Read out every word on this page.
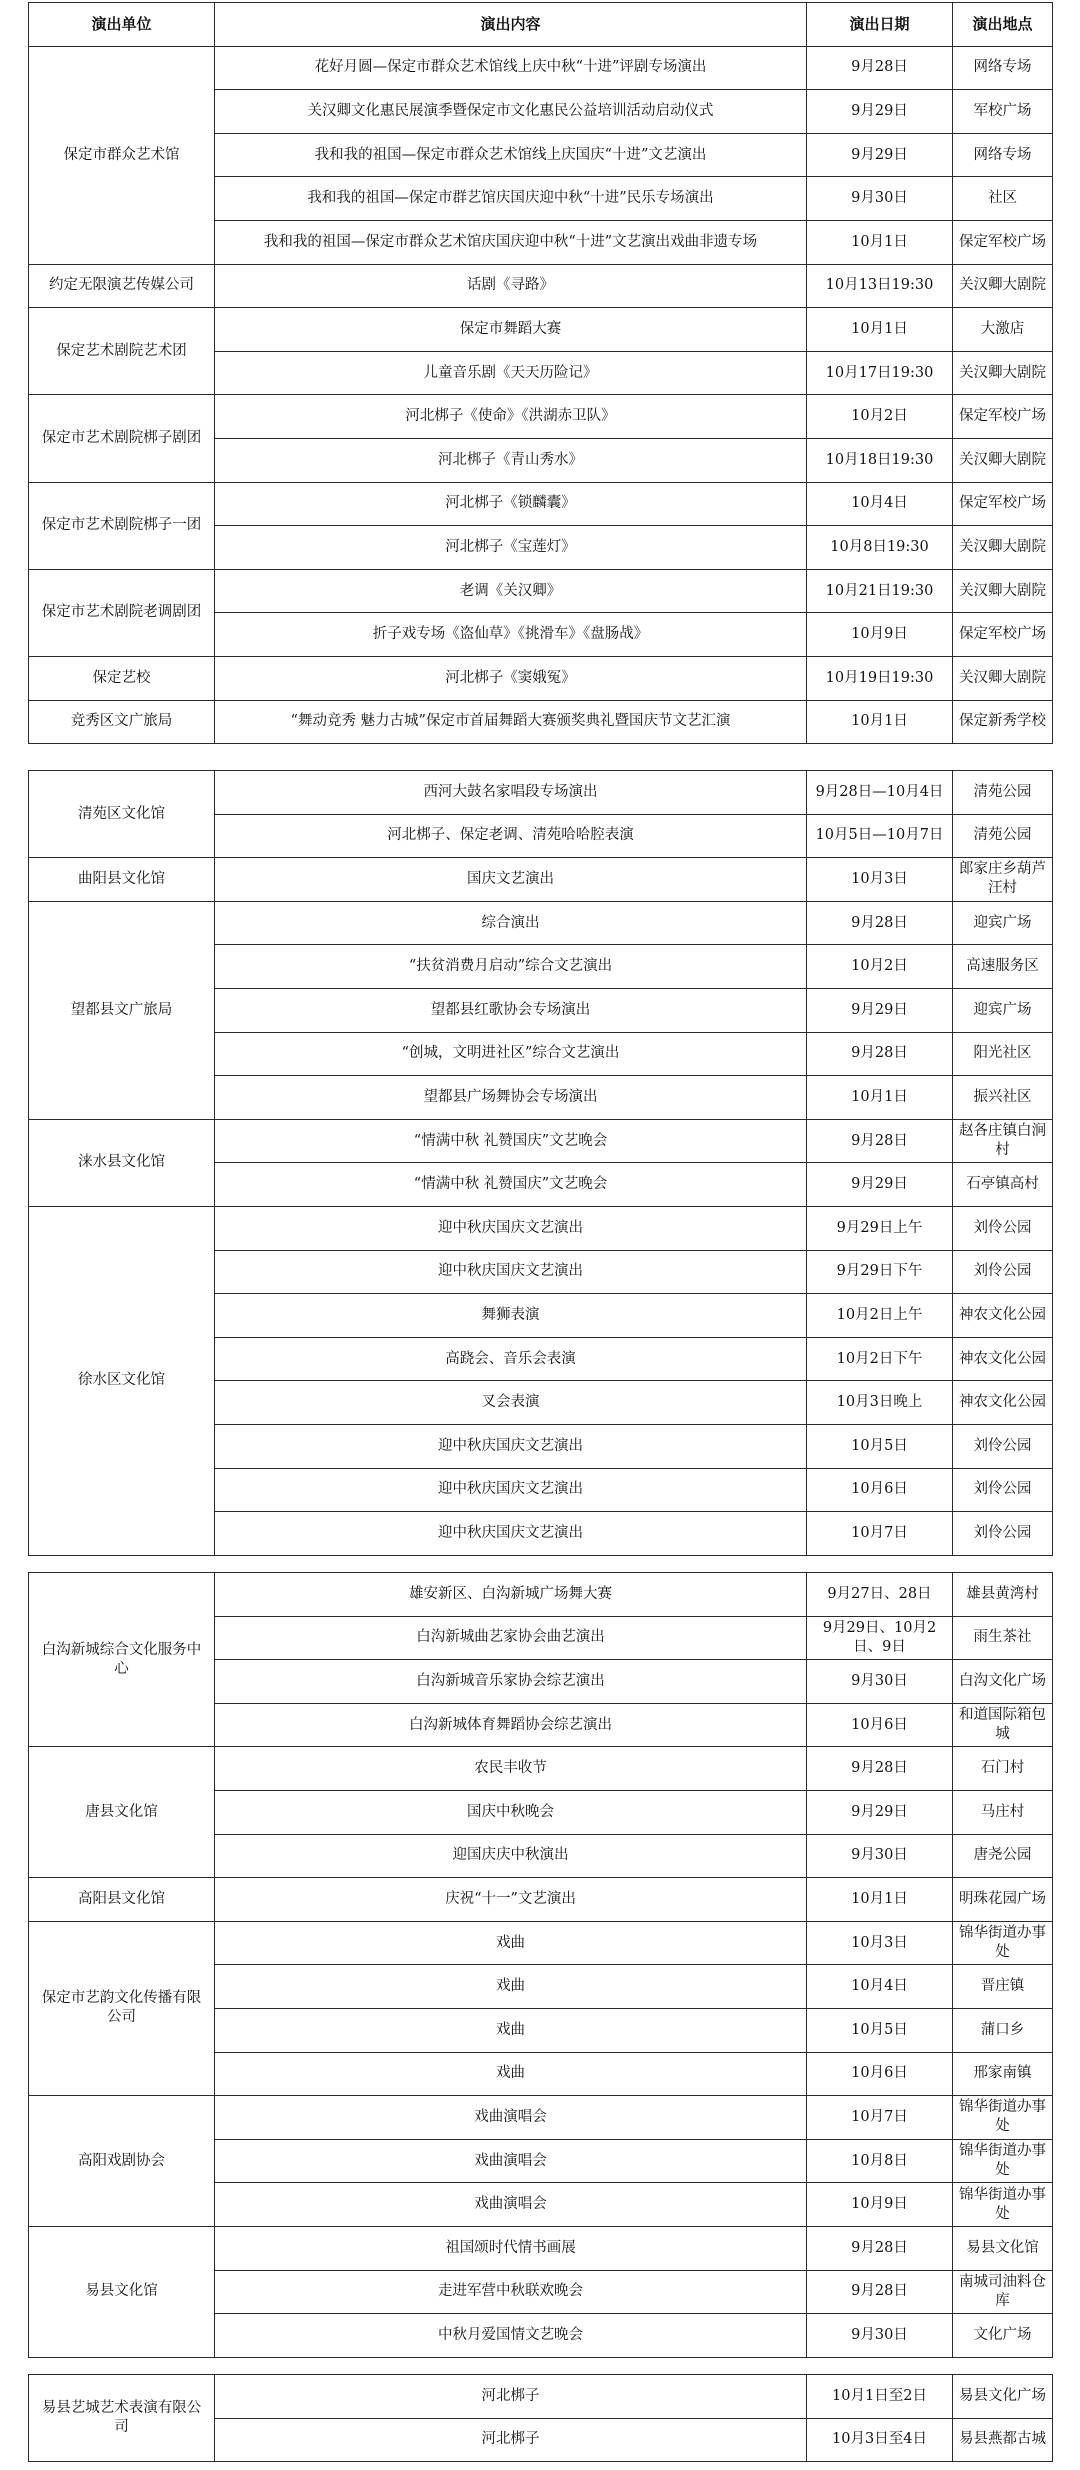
演出单位	演出内容	演出日期	演出地点
保定市群众艺术馆	花好月圆—保定市群众艺术馆线上庆中秋“十进”评剧专场演出	9月28日	网络专场
	关汉卿文化惠民展演季暨保定市文化惠民公益培训活动启动仪式	9月29日	军校广场
	我和我的祖国—保定市群众艺术馆线上庆国庆“十进”文艺演出	9月29日	网络专场
	我和我的祖国—保定市群艺馆庆国庆迎中秋“十进”民乐专场演出	9月30日	社区
	我和我的祖国—保定市群众艺术馆庆国庆迎中秋“十进”文艺演出戏曲非遗专场	10月1日	保定军校广场
约定无限演艺传媒公司	话剧《寻路》	10月13日19:30	关汉卿大剧院
保定艺术剧院艺术团	保定市舞蹈大赛	10月1日	大激店
	儿童音乐剧《天天历险记》	10月17日19:30	关汉卿大剧院
保定市艺术剧院梆子剧团	河北梆子《使命》《洪湖赤卫队》	10月2日	保定军校广场
	河北梆子《青山秀水》	10月18日19:30	关汉卿大剧院
保定市艺术剧院梆子一团	河北梆子《锁麟囊》	10月4日	保定军校广场
	河北梆子《宝莲灯》	10月8日19:30	关汉卿大剧院
保定市艺术剧院老调剧团	老调《关汉卿》	10月21日19:30	关汉卿大剧院
	折子戏专场《盗仙草》《挑滑车》《盘肠战》	10月9日	保定军校广场
保定艺校	河北梆子《窦娥冤》	10月19日19:30	关汉卿大剧院
竞秀区文广旅局	“舞动竞秀 魅力古城”保定市首届舞蹈大赛颁奖典礼暨国庆节文艺汇演	10月1日	保定新秀学校
清苑区文化馆	西河大鼓名家唱段专场演出	9月28日—10月4日	清苑公园
	河北梆子、保定老调、清苑哈哈腔表演	10月5日—10月7日	清苑公园
曲阳县文化馆	国庆文艺演出	10月3日	郎家庄乡葫芦汪村
望都县文广旅局	综合演出	9月28日	迎宾广场
	“扶贫消费月启动”综合文艺演出	10月2日	高速服务区
	望都县红歌协会专场演出	9月29日	迎宾广场
	“创城，文明进社区”综合文艺演出	9月28日	阳光社区
	望都县广场舞协会专场演出	10月1日	振兴社区
涞水县文化馆	“情满中秋 礼赞国庆”文艺晚会	9月28日	赵各庄镇白涧村
	“情满中秋 礼赞国庆”文艺晚会	9月29日	石亭镇高村
徐水区文化馆	迎中秋庆国庆文艺演出	9月29日上午	刘伶公园
	迎中秋庆国庆文艺演出	9月29日下午	刘伶公园
	舞狮表演	10月2日上午	神农文化公园
	高跷会、音乐会表演	10月2日下午	神农文化公园
	叉会表演	10月3日晚上	神农文化公园
	迎中秋庆国庆文艺演出	10月5日	刘伶公园
	迎中秋庆国庆文艺演出	10月6日	刘伶公园
	迎中秋庆国庆文艺演出	10月7日	刘伶公园
白沟新城综合文化服务中心	雄安新区、白沟新城广场舞大赛	9月27日、28日	雄县黄湾村
	白沟新城曲艺家协会曲艺演出	9月29日、10月2日、9日	雨生茶社
	白沟新城音乐家协会综艺演出	9月30日	白沟文化广场
	白沟新城体育舞蹈协会综艺演出	10月6日	和道国际箱包城
唐县文化馆	农民丰收节	9月28日	石门村
	国庆中秋晚会	9月29日	马庄村
	迎国庆庆中秋演出	9月30日	唐尧公园
高阳县文化馆	庆祝“十一”文艺演出	10月1日	明珠花园广场
保定市艺韵文化传播有限公司	戏曲	10月3日	锦华街道办事处
	戏曲	10月4日	晋庄镇
	戏曲	10月5日	蒲口乡
	戏曲	10月6日	邢家南镇
高阳戏剧协会	戏曲演唱会	10月7日	锦华街道办事处
	戏曲演唱会	10月8日	锦华街道办事处
	戏曲演唱会	10月9日	锦华街道办事处
易县文化馆	祖国颂时代情书画展	9月28日	易县文化馆
	走进军营中秋联欢晚会	9月28日	南城司油料仓库
	中秋月爱国情文艺晚会	9月30日	文化广场
易县艺城艺术表演有限公司	河北梆子	10月1日至2日	易县文化广场
	河北梆子	10月3日至4日	易县燕都古城
